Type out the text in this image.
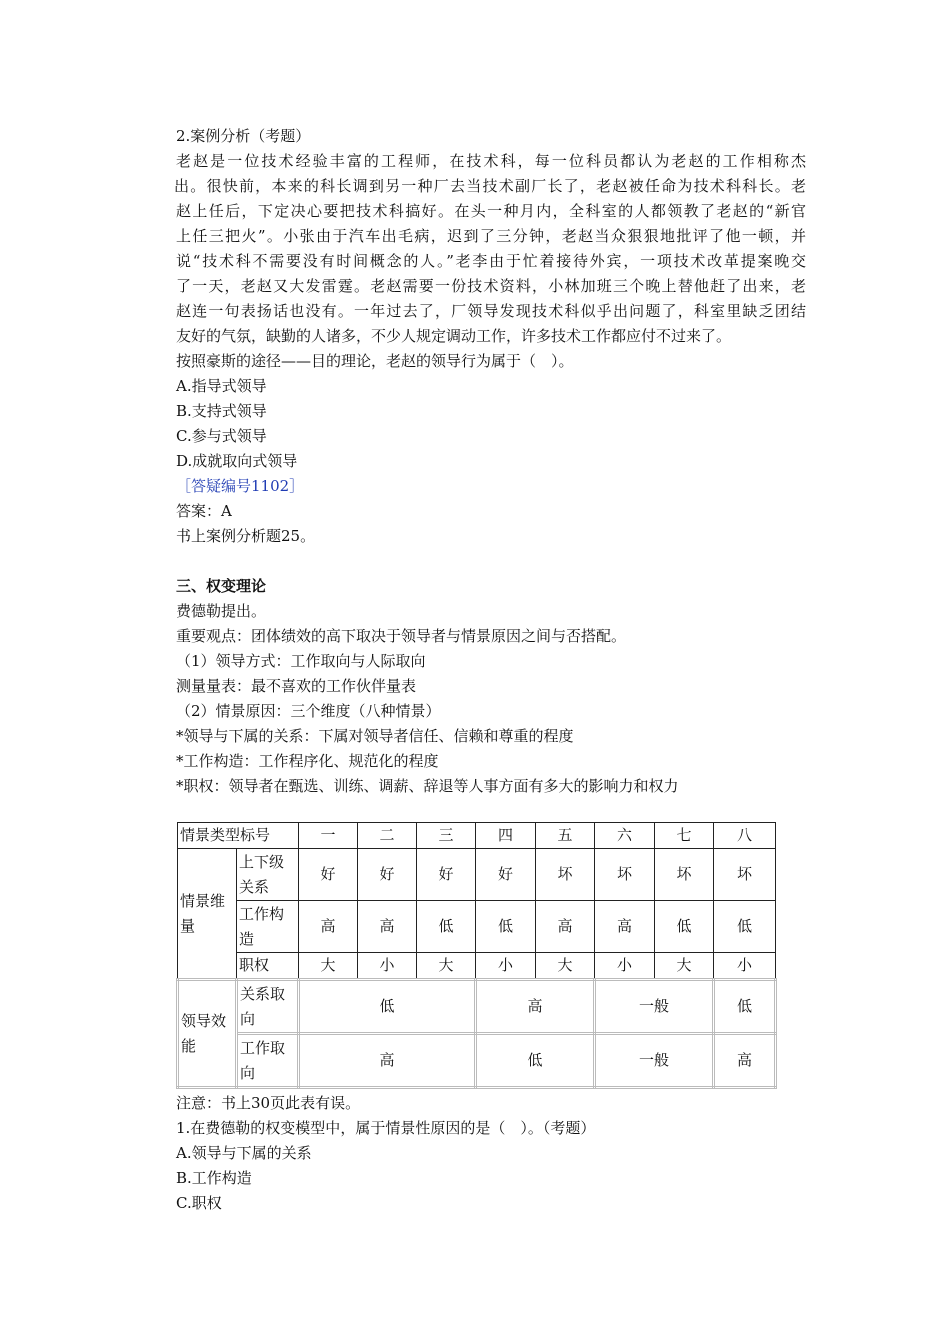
2.案例分析（考题）
老赵是一位技术经验丰富的工程师，在技术科，每一位科员都认为老赵的工作相称杰
出。很快前，本来的科长调到另一种厂去当技术副厂长了，老赵被任命为技术科科长。老
赵上任后，下定决心要把技术科搞好。在头一种月内，全科室的人都领教了老赵的“新官
上任三把火”。小张由于汽车出毛病，迟到了三分钟，老赵当众狠狠地批评了他一顿，并
说“技术科不需要没有时间概念的人。”老李由于忙着接待外宾，一项技术改革提案晚交
了一天，老赵又大发雷霆。老赵需要一份技术资料，小林加班三个晚上替他赶了出来，老
赵连一句表扬话也没有。一年过去了，厂领导发现技术科似乎出问题了，科室里缺乏团结
友好的气氛，缺勤的人诸多，不少人规定调动工作，许多技术工作都应付不过来了。
按照豪斯的途径——目的理论，老赵的领导行为属于（　）。
A.指导式领导
B.支持式领导
C.参与式领导
D.成就取向式领导
［答疑编号1102］
答案：A
书上案例分析题25。
三、权变理论
费德勒提出。
重要观点：团体绩效的高下取决于领导者与情景原因之间与否搭配。
（1）领导方式：工作取向与人际取向
测量量表：最不喜欢的工作伙伴量表
（2）情景原因：三个维度（八种情景）
*领导与下属的关系：下属对领导者信任、信赖和尊重的程度
*工作构造：工作程序化、规范化的程度
*职权：领导者在甄选、训练、调薪、辞退等人事方面有多大的影响力和权力
情景类型标号		一	二	三	四	五	六	七	八
情景维量	上下级关系	好	好	好	好	坏	坏	坏	坏
	工作构造	高	高	低	低	高	高	低	低
	职权	大	小	大	小	大	小	大	小
领导效能	关系取向	低			高		一般		低
	工作取向	高			低		一般		高
注意：书上30页此表有误。
1.在费德勒的权变模型中，属于情景性原因的是（　）。（考题）
A.领导与下属的关系
B.工作构造
C.职权
